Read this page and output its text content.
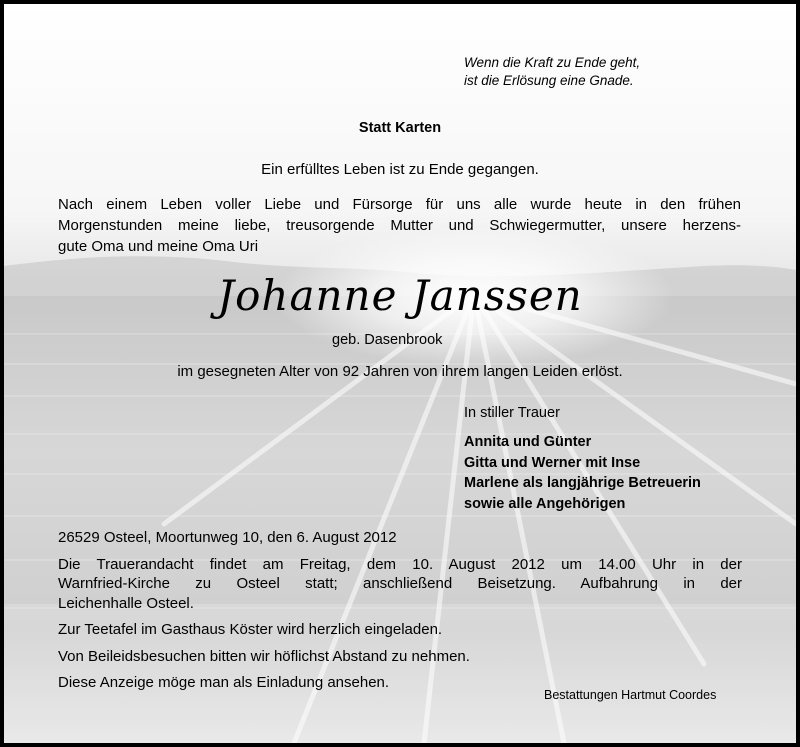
Wenn die Kraft zu Ende geht,
ist die Erlösung eine Gnade.
Statt Karten
Ein erfülltes Leben ist zu Ende gegangen.
Nach einem Leben voller Liebe und Fürsorge für uns alle wurde heute in den frühen
Morgenstunden meine liebe, treusorgende Mutter und Schwiegermutter, unsere herzens-
gute Oma und meine Oma Uri
Johanne Janssen
geb. Dasenbrook
im gesegneten Alter von 92 Jahren von ihrem langen Leiden erlöst.
In stiller Trauer
Annita und Günter
Gitta und Werner mit Inse
Marlene als langjährige Betreuerin
sowie alle Angehörigen
26529 Osteel, Moortunweg 10, den 6. August 2012
Die Trauerandacht findet am Freitag, dem 10. August 2012 um 14.00 Uhr in der
Warnfried-Kirche zu Osteel statt; anschließend Beisetzung. Aufbahrung in der
Leichenhalle Osteel.
Zur Teetafel im Gasthaus Köster wird herzlich eingeladen.
Von Beileidsbesuchen bitten wir höflichst Abstand zu nehmen.
Diese Anzeige möge man als Einladung ansehen.
Bestattungen Hartmut Coordes
